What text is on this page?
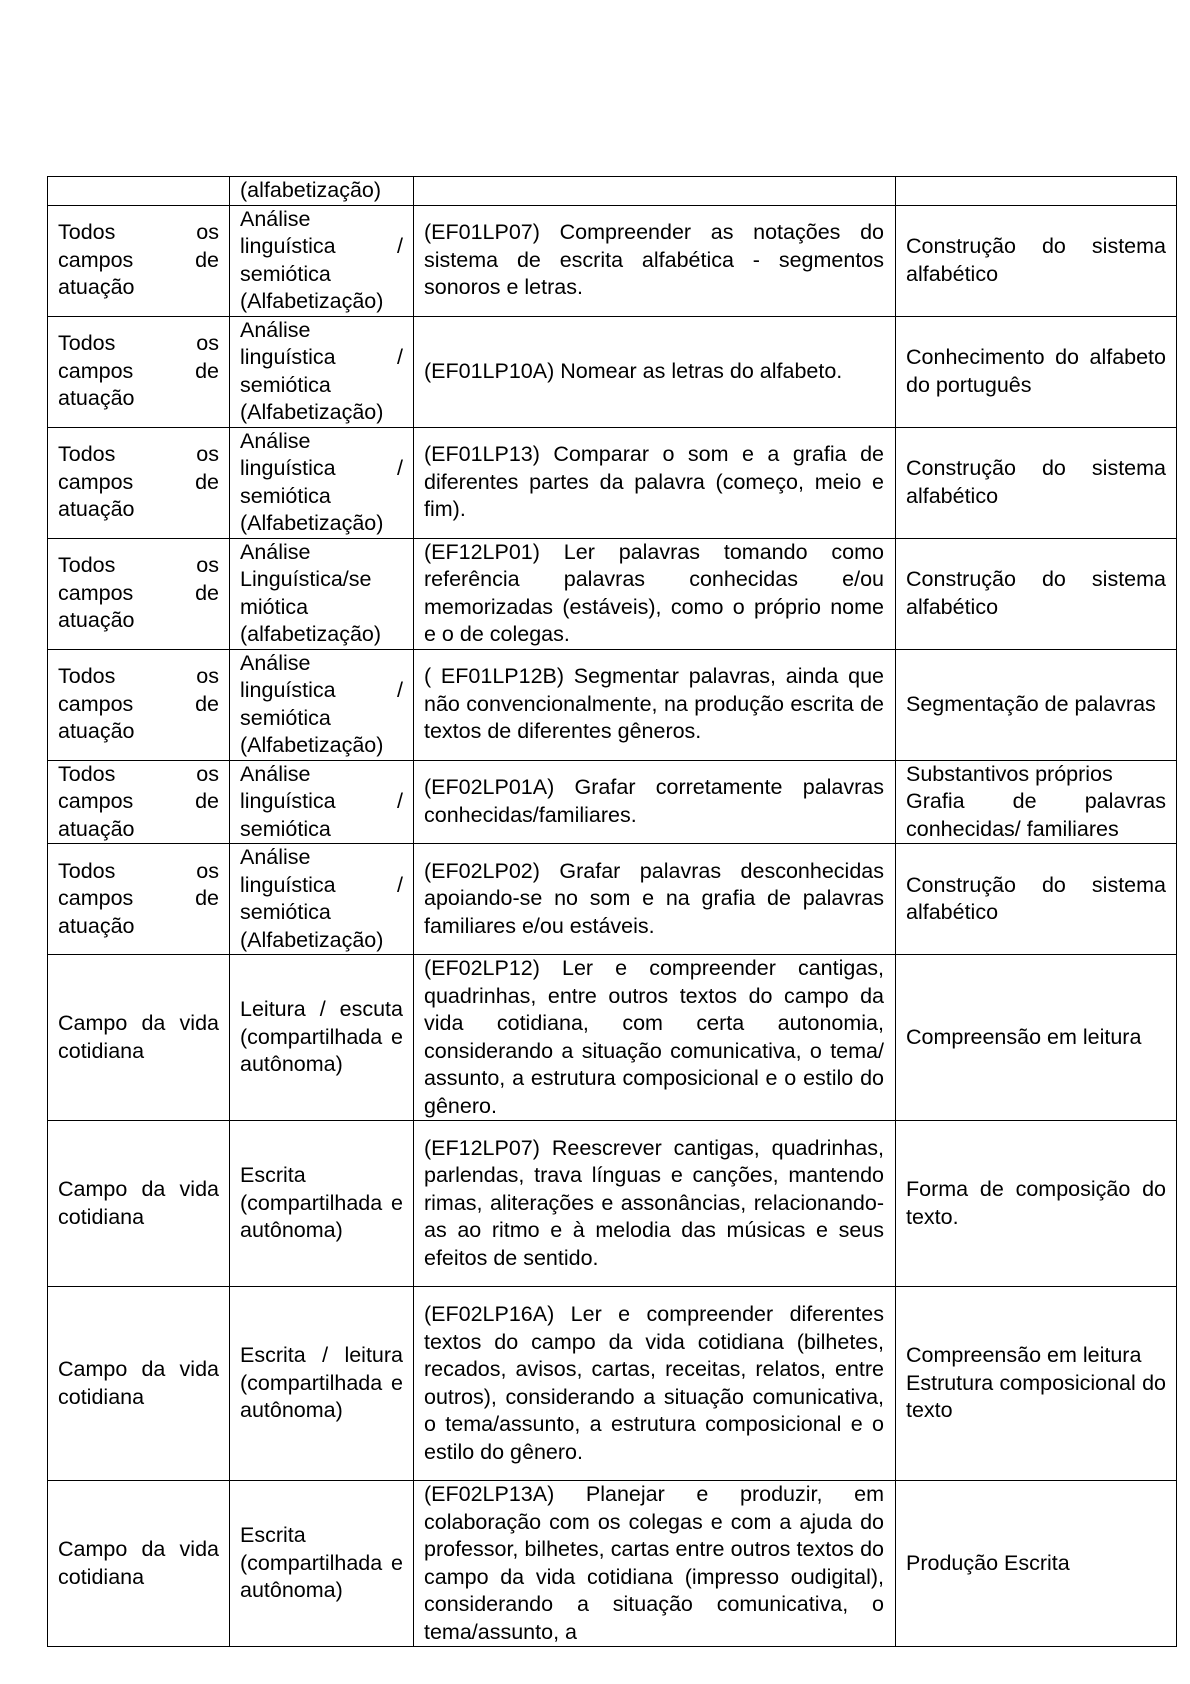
	(alfabetização)		

Todos os campos de atuação	Análise linguística / semiótica (Alfabetização)	(EF01LP07) Compreender as notações do sistema de escrita alfabética - segmentos sonoros e letras.	Construção do sistema alfabético

Todos os campos de atuação	Análise linguística / semiótica (Alfabetização)	(EF01LP10A) Nomear as letras do alfabeto.	Conhecimento do alfabeto do português

Todos os campos de atuação	Análise linguística / semiótica (Alfabetização)	(EF01LP13) Comparar o som e a grafia de diferentes partes da palavra (começo, meio e fim).	Construção do sistema alfabético

Todos os campos de atuação	Análise Linguística/se miótica (alfabetização)	(EF12LP01) Ler palavras tomando como referência palavras conhecidas e/ou memorizadas (estáveis), como o próprio nome e o de colegas.	Construção do sistema alfabético

Todos os campos de atuação	Análise linguística / semiótica (Alfabetização)	( EF01LP12B) Segmentar palavras, ainda que não convencionalmente, na produção escrita de textos de diferentes gêneros.	Segmentação de palavras

Todos os campos de atuação	Análise linguística / semiótica	(EF02LP01A) Grafar corretamente palavras conhecidas/familiares.	Substantivos próprios
Grafia de palavras conhecidas/ familiares

Todos os campos de atuação	Análise linguística / semiótica (Alfabetização)	(EF02LP02) Grafar palavras desconhecidas apoiando-se no som e na grafia de palavras familiares e/ou estáveis.	Construção do sistema alfabético

Campo da vida cotidiana	Leitura / escuta (compartilhada e autônoma)	(EF02LP12) Ler e compreender cantigas, quadrinhas, entre outros textos do campo da vida cotidiana, com certa autonomia, considerando a situação comunicativa, o tema/ assunto, a estrutura composicional e o estilo do gênero.	Compreensão em leitura

Campo da vida cotidiana	Escrita (compartilhada e autônoma)	(EF12LP07) Reescrever cantigas, quadrinhas, parlendas, trava línguas e canções, mantendo rimas, aliterações e assonâncias, relacionando-as ao ritmo e à melodia das músicas e seus efeitos de sentido.	Forma de composição do texto.

Campo da vida cotidiana	Escrita / leitura (compartilhada e autônoma)	(EF02LP16A) Ler e compreender diferentes textos do campo da vida cotidiana (bilhetes, recados, avisos, cartas, receitas, relatos, entre outros), considerando a situação comunicativa, o tema/assunto, a estrutura composicional e o estilo do gênero.	Compreensão em leitura
Estrutura composicional do texto

Campo da vida cotidiana	Escrita (compartilhada e autônoma)	(EF02LP13A) Planejar e produzir, em colaboração com os colegas e com a ajuda do professor, bilhetes, cartas entre outros textos do campo da vida cotidiana (impresso oudigital), considerando a situação comunicativa, o tema/assunto, a	Produção Escrita
